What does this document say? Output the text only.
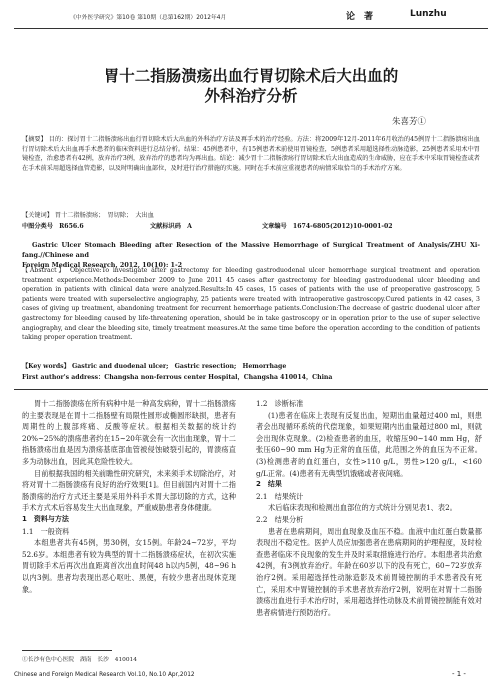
《中外医学研究》第10卷 第10期（总第162期）2012年4月	论　著	Lunzhu
胃十二指肠溃疡出血行胃切除术后大出血的
外科治疗分析
朱喜芳①
【摘要】 目的：探讨胃十二指肠溃疡出血行胃切除术后大出血的外科治疗方法及再手术的治疗经验。方法：将2009年12月-2011年6月收治的45例胃十二指肠溃疡出血行胃切除术后大出血再手术患者的临床资料进行总结分析。结果：45例患者中，有15例患者术前使用胃镜检查，5例患者采用超选择性动脉造影，25例患者采用术中胃镜检查，治愈患者有42例，放弃治疗3例，放弃治疗的患者均为再出血。结论：减少胃十二指肠溃疡行胃切除术后大出血造成的生命威胁，应在手术中采取胃镜检查或者在手术前采用超选择血管造影，以及时明确出血部位，及时进行治疗措施的实施。同时在手术前应重视患者的病情采取恰当的手术治疗方案。
【关键词】 胃十二指肠溃疡；　胃切除；　大出血
中图分类号　R656.6	文献标识码　A	文章编号　1674-6805(2012)10-0001-02
Gastric Ulcer Stomach Bleeding after Resection of the Massive Hemorrhage of Surgical Treatment of Analysis/ZHU Xi-fang.//Chinese and
Foreign Medical Research, 2012, 10(10): 1-2
【Abstract】 Objective:To investigate after gastrectomy for bleeding gastroduodenal ulcer hemorrhage surgical treatment and operation treatment experience.Methods:December 2009 to June 2011 45 cases after gastrectomy for bleeding gastroduodenal ulcer bleeding and operation in patients with clinical data were analyzed.Results:In 45 cases, 15 cases of patients with the use of preoperative gastroscopy, 5 patients were treated with superselective angiography, 25 patients were treated with intraoperative gastroscopy.Cured patients in 42 cases, 3 cases of giving up treatment, abandoning treatment for recurrent hemorrhage patients.Conclusion:The decrease of gastric duodenal ulcer after gastrectomy for bleeding caused by life-threatening operation, should be in take gastroscopy or in operation prior to the use of super selective angiography, and clear the bleeding site, timely treatment measures.At the same time before the operation according to the condition of patients taking proper operation treatment.
【Key words】 Gastric and duodenal ulcer;　Gastric resection;　Hemorrhage
First author's address：Changsha non-ferrous center Hospital，Changsha 410014，China

胃十二指肠溃疡在所有病种中是一种高发病种，胃十二指肠溃疡的主要表现是在胃十二指肠壁有局限性圆形或椭圆形缺损，患者有周期性的上腹部疼痛、反酸等症状。根据相关数据的统计约20%~25%的溃疡患者约在15~20年就会有一次出血现象，胃十二指肠溃疡出血是因为溃疡基底部血管被侵蚀破裂引起的，胃溃疡直多为动脉出血，因此其危险性较大。

目前根据我国的相关前瞻性研究研究，未来须手术切除治疗，对将对胃十二指肠溃疡有良好的治疗效果[1]。但目前国内对胃十二指肠溃疡的治疗方式还主要是采用外科手术胃大部切除的方式，这种手术方式术后容易发生大出血现象，严重威胁患者身体健康。

1　资料与方法

1.1　一般资料

本组患者共有45例，男30例，女15例。年龄24~72岁，平均52.6岁。本组患者有较为典型的胃十二指肠溃疡症状，在初次实施胃切除手术后再次出血距离首次出血时间48 h以内5例，48~96 h以内3例。患者均表现出恶心呕吐、黑便，有较少患者出现休克现象。

1.2　诊断标准

(1)患者在临床上表现有反复出血，短期出血量超过400 ml，则患者会出现循环系统的代偿现象，如果短期内出血量超过800 ml，则就会出现休克现象。(2)检查患者的血压，收缩压90~140 mm Hg，舒张压60~90 mm Hg为正常的血压值，此范围之外的血压为不正常。(3)检测患者的血红蛋白，女性>110 g/L，男性>120 g/L，<160 g/L正常。(4)患者有无典型饥饿痛或者夜间痛。

2　结果

2.1　结果统计

术后临床表现和检测出血部位的方式统计分别见表1、表2。

2.2　结果分析

患者在患病期间，周出血现象及血压不稳。血液中血红蛋白数量都表现出不稳定性。医护人员应加强患者在患病期间的护理程度，及时检查患者临床不良现象的发生并及时采取措施进行治疗。本组患者共治愈42例，有3例放弃治疗。年龄在60岁以下的没有死亡，60~72岁放弃治疗2例。采用超选择性动脉造影及术前胃镜控制的手术患者没有死亡，采用术中胃镜控制的手术患者放弃治疗2例，说明在对胃十二指肠溃疡出血进行手术治疗时，采用超选择性动脉及术前胃镜控制能有效对患者病情进行预防治疗。

①长沙有色中心医院　湖南　长沙　410014
Chinese and Foreign Medical Research Vol.10, No.10 Apr,2012	- 1 -
